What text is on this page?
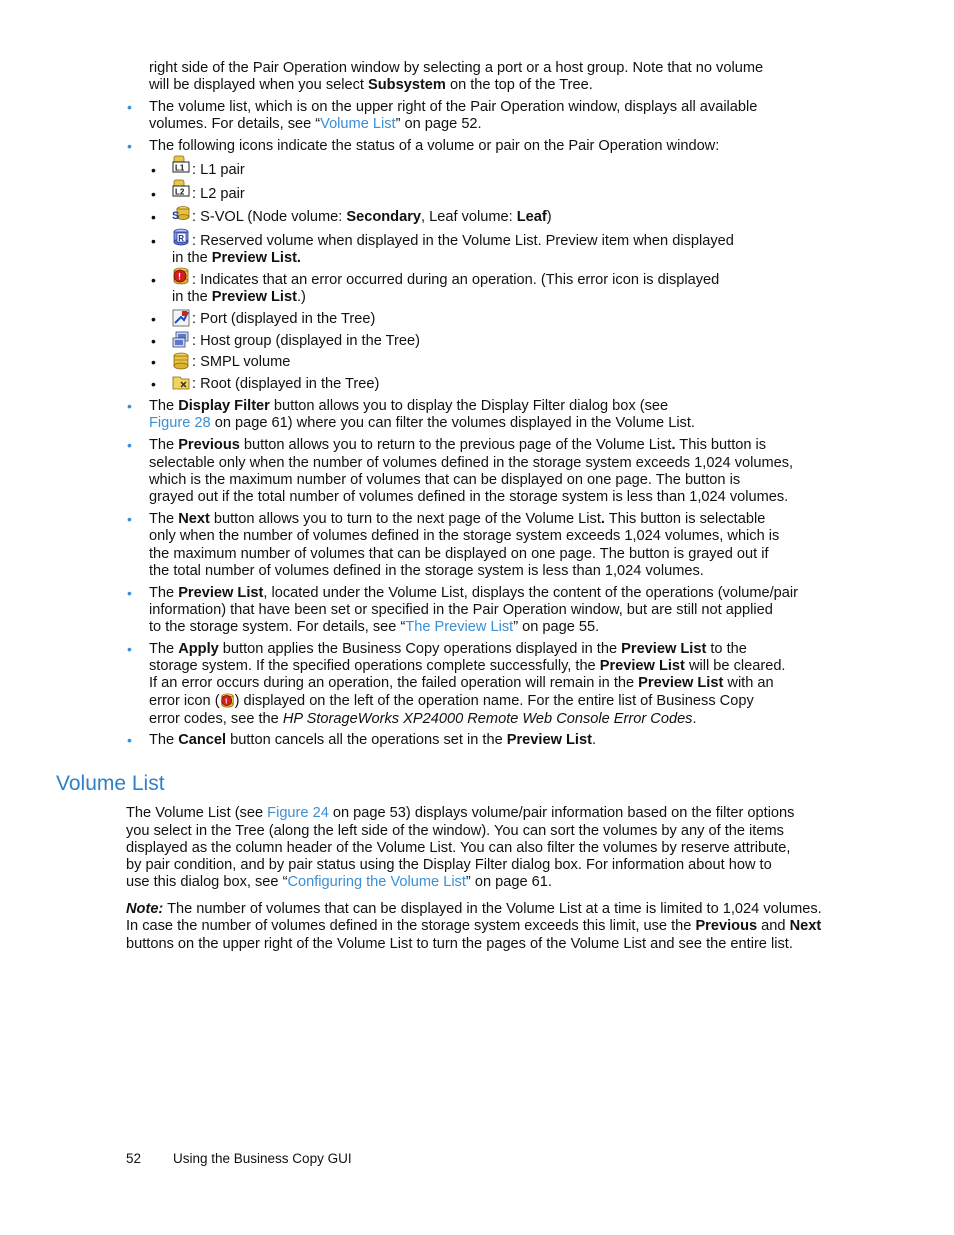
right side of the Pair Operation window by selecting a port or a host group. Note that no volume
will be displayed when you select Subsystem on the top of the Tree.
• The volume list, which is on the upper right of the Pair Operation window, displays all available
volumes. For details, see “Volume List” on page 52.
• The following icons indicate the status of a volume or pair on the Pair Operation window:
• L1 : L1 pair
• L2 : L2 pair
• S : S-VOL (Node volume: Secondary, Leaf volume: Leaf)
•	R : Reserved volume when displayed in the Volume List. Preview item when displayed
in the Preview List.
• ! : Indicates that an error occurred during an operation. (This error icon is displayed
in the Preview List.)
• : Port (displayed in the Tree)
• : Host group (displayed in the Tree)
• : SMPL volume
• : Root (displayed in the Tree)
• The Display Filter button allows you to display the Display Filter dialog box (see
Figure 28 on page 61) where you can filter the volumes displayed in the Volume List.
• The Previous button allows you to return to the previous page of the Volume List. This button is
selectable only when the number of volumes defined in the storage system exceeds 1,024 volumes,
which is the maximum number of volumes that can be displayed on one page. The button is
grayed out if the total number of volumes defined in the storage system is less than 1,024 volumes.
• The Next button allows you to turn to the next page of the Volume List. This button is selectable
only when the number of volumes defined in the storage system exceeds 1,024 volumes, which is
the maximum number of volumes that can be displayed on one page. The button is grayed out if
the total number of volumes defined in the storage system is less than 1,024 volumes.
• The Preview List, located under the Volume List, displays the content of the operations (volume/pair
information) that have been set or specified in the Pair Operation window, but are still not applied
to the storage system. For details, see “The Preview List” on page 55.
• The Apply button applies the Business Copy operations displayed in the Preview List to the
storage system. If the specified operations complete successfully, the Preview List will be cleared.
If an error occurs during an operation, the failed operation will remain in the Preview List with an
error icon ( ! ) displayed on the left of the operation name. For the entire list of Business Copy
error codes, see the HP StorageWorks XP24000 Remote Web Console Error Codes.
• The Cancel button cancels all the operations set in the Preview List.
Volume List
The Volume List (see Figure 24 on page 53) displays volume/pair information based on the filter options
you select in the Tree (along the left side of the window). You can sort the volumes by any of the items
displayed as the column header of the Volume List. You can also filter the volumes by reserve attribute,
by pair condition, and by pair status using the Display Filter dialog box. For information about how to
use this dialog box, see “Configuring the Volume List” on page 61.
Note: The number of volumes that can be displayed in the Volume List at a time is limited to 1,024 volumes.
In case the number of volumes defined in the storage system exceeds this limit, use the Previous and Next
buttons on the upper right of the Volume List to turn the pages of the Volume List and see the entire list.
52 Using the Business Copy GUI
